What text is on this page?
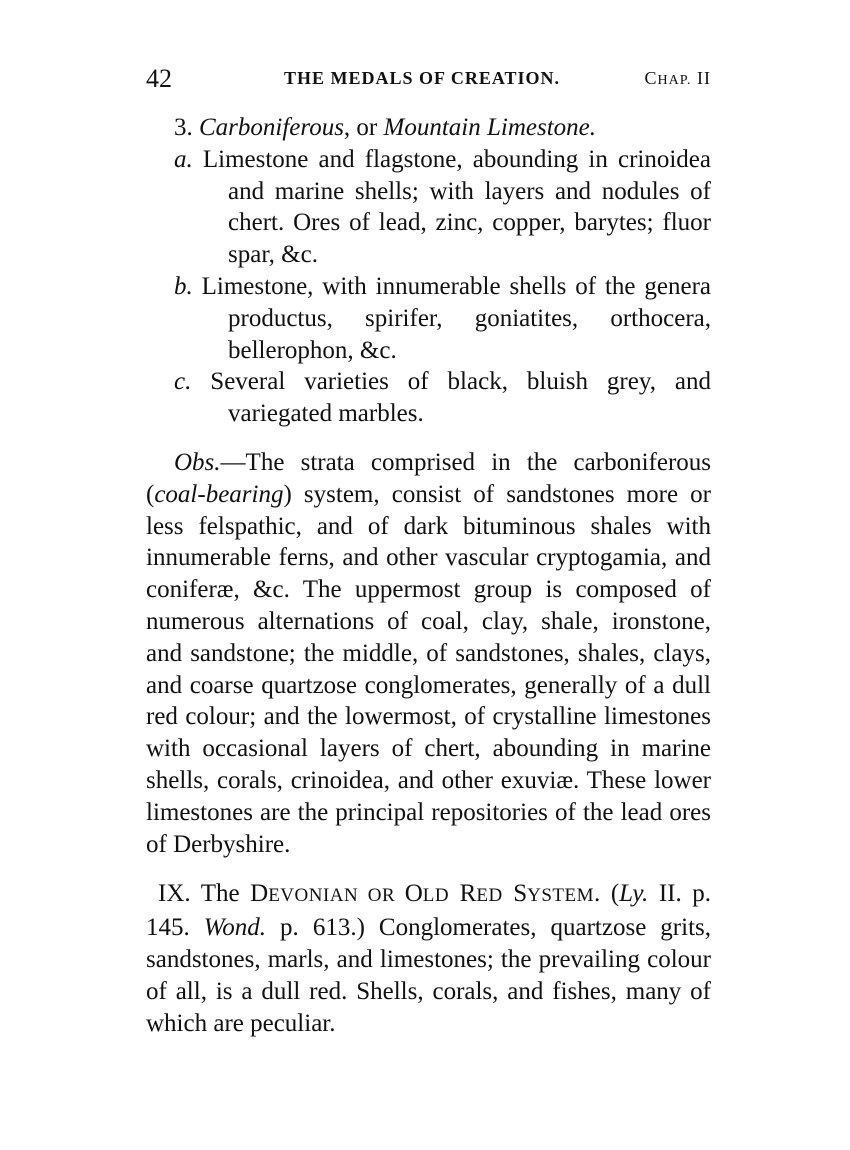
42	THE MEDALS OF CREATION.	CHAP. II

3. Carboniferous, or Mountain Limestone.

a. Limestone and flagstone, abounding in crinoidea and marine shells; with layers and nodules of chert. Ores of lead, zinc, copper, barytes; fluor spar, &c.

b. Limestone, with innumerable shells of the genera productus, spirifer, goniatites, orthocera, bellerophon, &c.

c. Several varieties of black, bluish grey, and variegated marbles.

Obs.—The strata comprised in the carboniferous (coal-bearing) system, consist of sandstones more or less felspathic, and of dark bituminous shales with innumerable ferns, and other vascular cryptogamia, and coniferæ, &c. The uppermost group is composed of numerous alternations of coal, clay, shale, ironstone, and sandstone; the middle, of sandstones, shales, clays, and coarse quartzose conglomerates, generally of a dull red colour; and the lowermost, of crystalline limestones with occasional layers of chert, abounding in marine shells, corals, crinoidea, and other exuviæ. These lower limestones are the principal repositories of the lead ores of Derbyshire.

IX. The DEVONIAN OR OLD RED SYSTEM. (Ly. II. p. 145. Wond. p. 613.) Conglomerates, quartzose grits, sandstones, marls, and limestones; the prevailing colour of all, is a dull red. Shells, corals, and fishes, many of which are peculiar.
